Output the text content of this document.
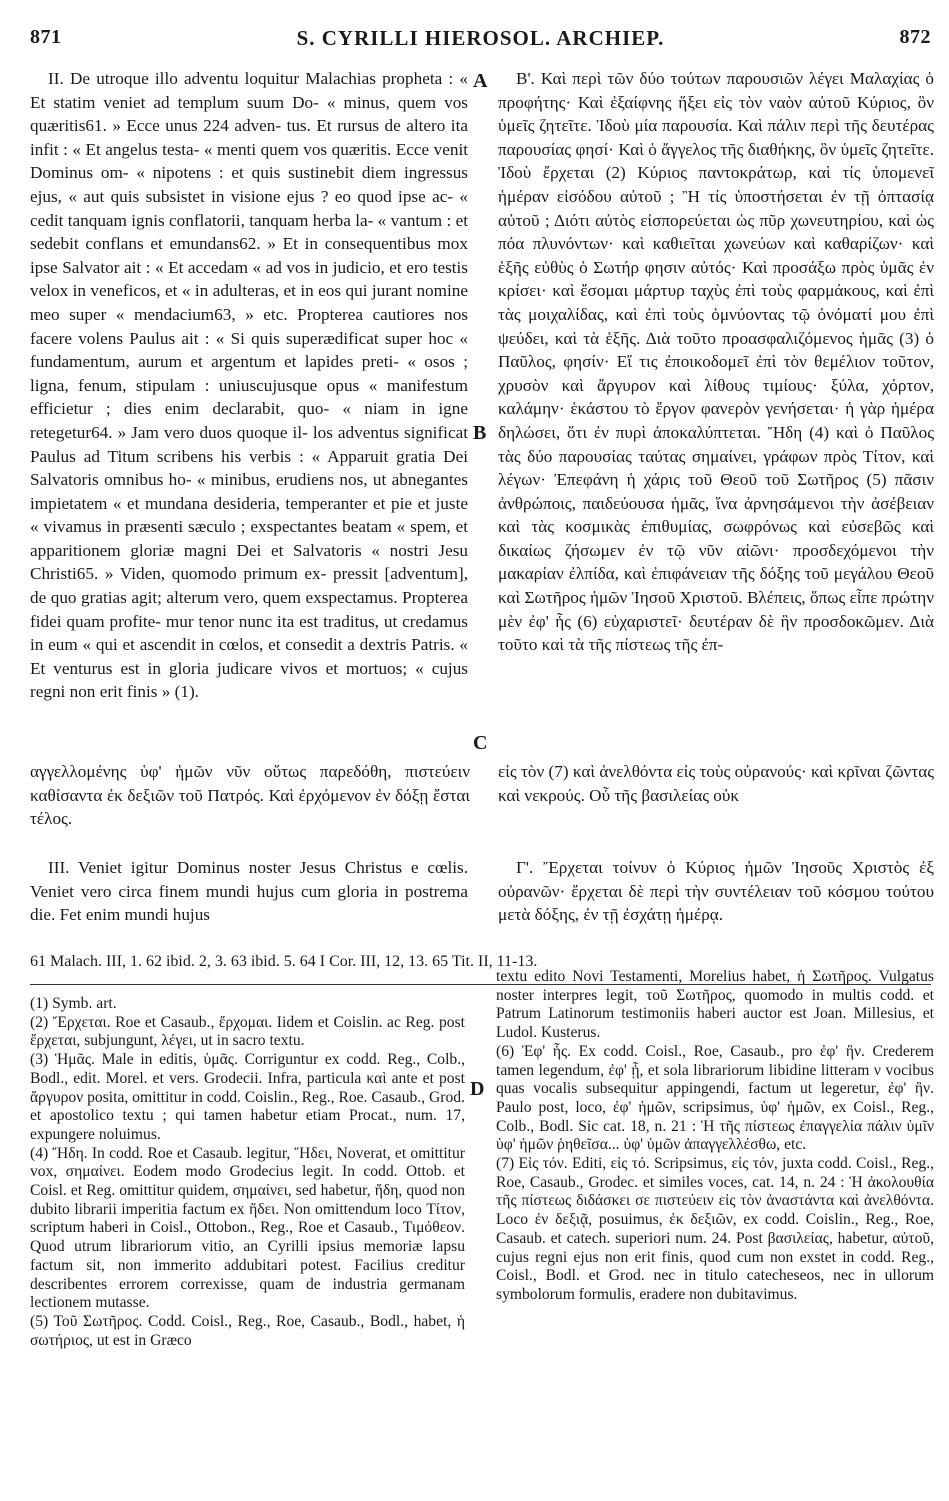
871	S. CYRILLI HIEROSOL. ARCHIEP.	872
A
B
C
D

II. De utroque illo adventu loquitur Malachias propheta : « Et statim veniet ad templum suum Do- « minus, quem vos quæritis61. » Ecce unus 224 adven- tus. Et rursus de altero ita infit : « Et angelus testa- « menti quem vos quæritis. Ecce venit Dominus om- « nipotens : et quis sustinebit diem ingressus ejus, « aut quis subsistet in visione ejus ? eo quod ipse ac- « cedit tanquam ignis conflatorii, tanquam herba la- « vantum : et sedebit conflans et emundans62. » Et in consequentibus mox ipse Salvator ait : « Et accedam « ad vos in judicio, et ero testis velox in veneficos, et « in adulteras, et in eos qui jurant nomine meo super « mendacium63, » etc. Propterea cautiores nos facere volens Paulus ait : « Si quis superædificat super hoc « fundamentum, aurum et argentum et lapides preti- « osos ; ligna, fenum, stipulam : uniuscujusque opus « manifestum efficietur ; dies enim declarabit, quo- « niam in igne retegetur64. » Jam vero duos quoque il- los adventus significat Paulus ad Titum scribens his verbis : « Apparuit gratia Dei Salvatoris omnibus ho- « minibus, erudiens nos, ut abnegantes impietatem « et mundana desideria, temperanter et pie et juste « vivamus in præsenti sæculo ; exspectantes beatam « spem, et apparitionem gloriæ magni Dei et Salvatoris « nostri Jesu Christi65. » Viden, quomodo primum ex- pressit [adventum], de quo gratias agit; alterum vero, quem exspectamus. Propterea fidei quam profite- mur tenor nunc ita est traditus, ut credamus in eum « qui et ascendit in cœlos, et consedit a dextris Patris. « Et venturus est in gloria judicare vivos et mortuos; « cujus regni non erit finis » (1).

Β'. Καὶ περὶ τῶν δύο τούτων παρουσιῶν λέγει Μαλαχίας ὁ προφήτης· Καὶ ἐξαίφνης ἥξει εἰς τὸν ναὸν αὐτοῦ Κύριος, ὃν ὑμεῖς ζητεῖτε. Ἰδοὺ μία παρουσία. Καὶ πάλιν περὶ τῆς δευτέρας παρουσίας φησί· Καὶ ὁ ἄγγελος τῆς διαθήκης, ὃν ὑμεῖς ζητεῖτε. Ἰδοὺ ἔρχεται (2) Κύριος παντοκράτωρ, καὶ τίς ὑπομενεῖ ἡμέραν εἰσόδου αὐτοῦ ; Ἢ τίς ὑποστήσεται ἐν τῇ ὀπτασίᾳ αὐτοῦ ; Διότι αὐτὸς εἰσπορεύεται ὡς πῦρ χωνευτηρίου, καὶ ὡς πόα πλυνόντων· καὶ καθιεῖται χωνεύων καὶ καθαρίζων· καὶ ἑξῆς εὐθὺς ὁ Σωτήρ φησιν αὐτός· Καὶ προσάξω πρὸς ὑμᾶς ἐν κρίσει· καὶ ἔσομαι μάρτυρ ταχὺς ἐπὶ τοὺς φαρμάκους, καὶ ἐπὶ τὰς μοιχαλίδας, καὶ ἐπὶ τοὺς ὀμνύοντας τῷ ὀνόματί μου ἐπὶ ψεύδει, καὶ τὰ ἑξῆς. Διὰ τοῦτο προασφαλιζόμενος ἡμᾶς (3) ὁ Παῦλος, φησίν· Εἴ τις ἐποικοδομεῖ ἐπὶ τὸν θεμέλιον τοῦτον, χρυσὸν καὶ ἄργυρον καὶ λίθους τιμίους· ξύλα, χόρτον, καλάμην· ἑκάστου τὸ ἔργον φανερὸν γενήσεται· ἡ γὰρ ἡμέρα δηλώσει, ὅτι ἐν πυρὶ ἀποκαλύπτεται. Ἤδη (4) καὶ ὁ Παῦλος τὰς δύο παρουσίας ταύτας σημαίνει, γράφων πρὸς Τίτον, καὶ λέγων· Ἐπεφάνη ἡ χάρις τοῦ Θεοῦ τοῦ Σωτῆρος (5) πᾶσιν ἀνθρώποις, παιδεύουσα ἡμᾶς, ἵνα ἀρνησάμενοι τὴν ἀσέβειαν καὶ τὰς κοσμικὰς ἐπιθυμίας, σωφρόνως καὶ εὐσεβῶς καὶ δικαίως ζήσωμεν ἐν τῷ νῦν αἰῶνι· προσδεχόμενοι τὴν μακαρίαν ἐλπίδα, καὶ ἐπιφάνειαν τῆς δόξης τοῦ μεγάλου Θεοῦ καὶ Σωτῆρος ἡμῶν Ἰησοῦ Χριστοῦ. Βλέπεις, ὅπως εἶπε πρώτην μὲν ἐφ' ἧς (6) εὐχαριστεῖ· δευτέραν δὲ ἣν προσδοκῶμεν. Διὰ τοῦτο καὶ τὰ τῆς πίστεως τῆς ἐπ-

αγγελλομένης ὑφ' ἡμῶν νῦν οὕτως παρεδόθη, πιστεύειν καθίσαντα ἐκ δεξιῶν τοῦ Πατρός. Καὶ ἐρχόμενον ἐν δόξῃ ἔσται τέλος.

εἰς τὸν (7) καὶ ἀνελθόντα εἰς τοὺς οὐρανούς· καὶ κρῖναι ζῶντας καὶ νεκρούς. Οὗ τῆς βασιλείας οὐκ

III. Veniet igitur Dominus noster Jesus Christus e cœlis. Veniet vero circa finem mundi hujus cum gloria in postrema die. Fet enim mundi hujus

Γ'. Ἔρχεται τοίνυν ὁ Κύριος ἡμῶν Ἰησοῦς Χριστὸς ἐξ οὐρανῶν· ἔρχεται δὲ περὶ τὴν συντέλειαν τοῦ κόσμου τούτου μετὰ δόξης, ἐν τῇ ἐσχάτῃ ἡμέρᾳ.

61 Malach. III, 1. 62 ibid. 2, 3. 63 ibid. 5. 64 I Cor. III, 12, 13. 65 Tit. II, 11-13.

(1) Symb. art.

(2) Ἔρχεται. Roe et Casaub., ἔρχομαι. Iidem et Coislin. ac Reg. post ἔρχεται, subjungunt, λέγει, ut in sacro textu.

(3) Ἡμᾶς. Male in editis, ὑμᾶς. Corriguntur ex codd. Reg., Colb., Bodl., edit. Morel. et vers. Grodecii. Infra, particula καὶ ante et post ἄργυρον posita, omittitur in codd. Coislin., Reg., Roe. Casaub., Grod. et apostolico textu ; qui tamen habetur etiam Procat., num. 17, expungere noluimus.

(4) Ἤδη. In codd. Roe et Casaub. legitur, Ἤδει, Noverat, et omittitur vox, σημαίνει. Eodem modo Grodecius legit. In codd. Ottob. et Coisl. et Reg. omittitur quidem, σημαίνει, sed habetur, ἤδη, quod non dubito librarii imperitia factum ex ἤδει. Non omittendum loco Τίτον, scriptum haberi in Coisl., Ottobon., Reg., Roe et Casaub., Τιμόθεον. Quod utrum librariorum vitio, an Cyrilli ipsius memoriæ lapsu factum sit, non immerito addubitari potest. Facilius creditur describentes errorem correxisse, quam de industria germanam lectionem mutasse.

(5) Τοῦ Σωτῆρος. Codd. Coisl., Reg., Roe, Casaub., Bodl., habet, ἡ σωτήριος, ut est in Græco

textu edito Novi Testamenti, Morelius habet, ἡ Σωτῆρος. Vulgatus noster interpres legit, τοῦ Σωτῆρος, quomodo in multis codd. et Patrum Latinorum testimoniis haberi auctor est Joan. Millesius, et Ludol. Kusterus.

(6) Ἐφ' ἧς. Ex codd. Coisl., Roe, Casaub., pro ἐφ' ἣν. Crederem tamen legendum, ἐφ' ᾗ, et sola librariorum libidine litteram ν vocibus quas vocalis subsequitur appingendi, factum ut legeretur, ἐφ' ἣν. Paulo post, loco, ἐφ' ἡμῶν, scripsimus, ὑφ' ἡμῶν, ex Coisl., Reg., Colb., Bodl. Sic cat. 18, n. 21 : Ἡ τῆς πίστεως ἐπαγγελία πάλιν ὑμῖν ὑφ' ἡμῶν ῥηθεῖσα... ὑφ' ὑμῶν ἀπαγγελλέσθω, etc.

(7) Εἰς τόν. Editi, εἰς τό. Scripsimus, εἰς τόν, juxta codd. Coisl., Reg., Roe, Casaub., Grodec. et similes voces, cat. 14, n. 24 : Ἡ ἀκολουθία τῆς πίστεως διδάσκει σε πιστεύειν εἰς τὸν ἀναστάντα καὶ ἀνελθόντα. Loco ἐν δεξιᾷ, posuimus, ἐκ δεξιῶν, ex codd. Coislin., Reg., Roe, Casaub. et catech. superiori num. 24. Post βασιλείας, habetur, αὐτοῦ, cujus regni ejus non erit finis, quod cum non exstet in codd. Reg., Coisl., Bodl. et Grod. nec in titulo catecheseos, nec in ullorum symbolorum formulis, eradere non dubitavimus.
